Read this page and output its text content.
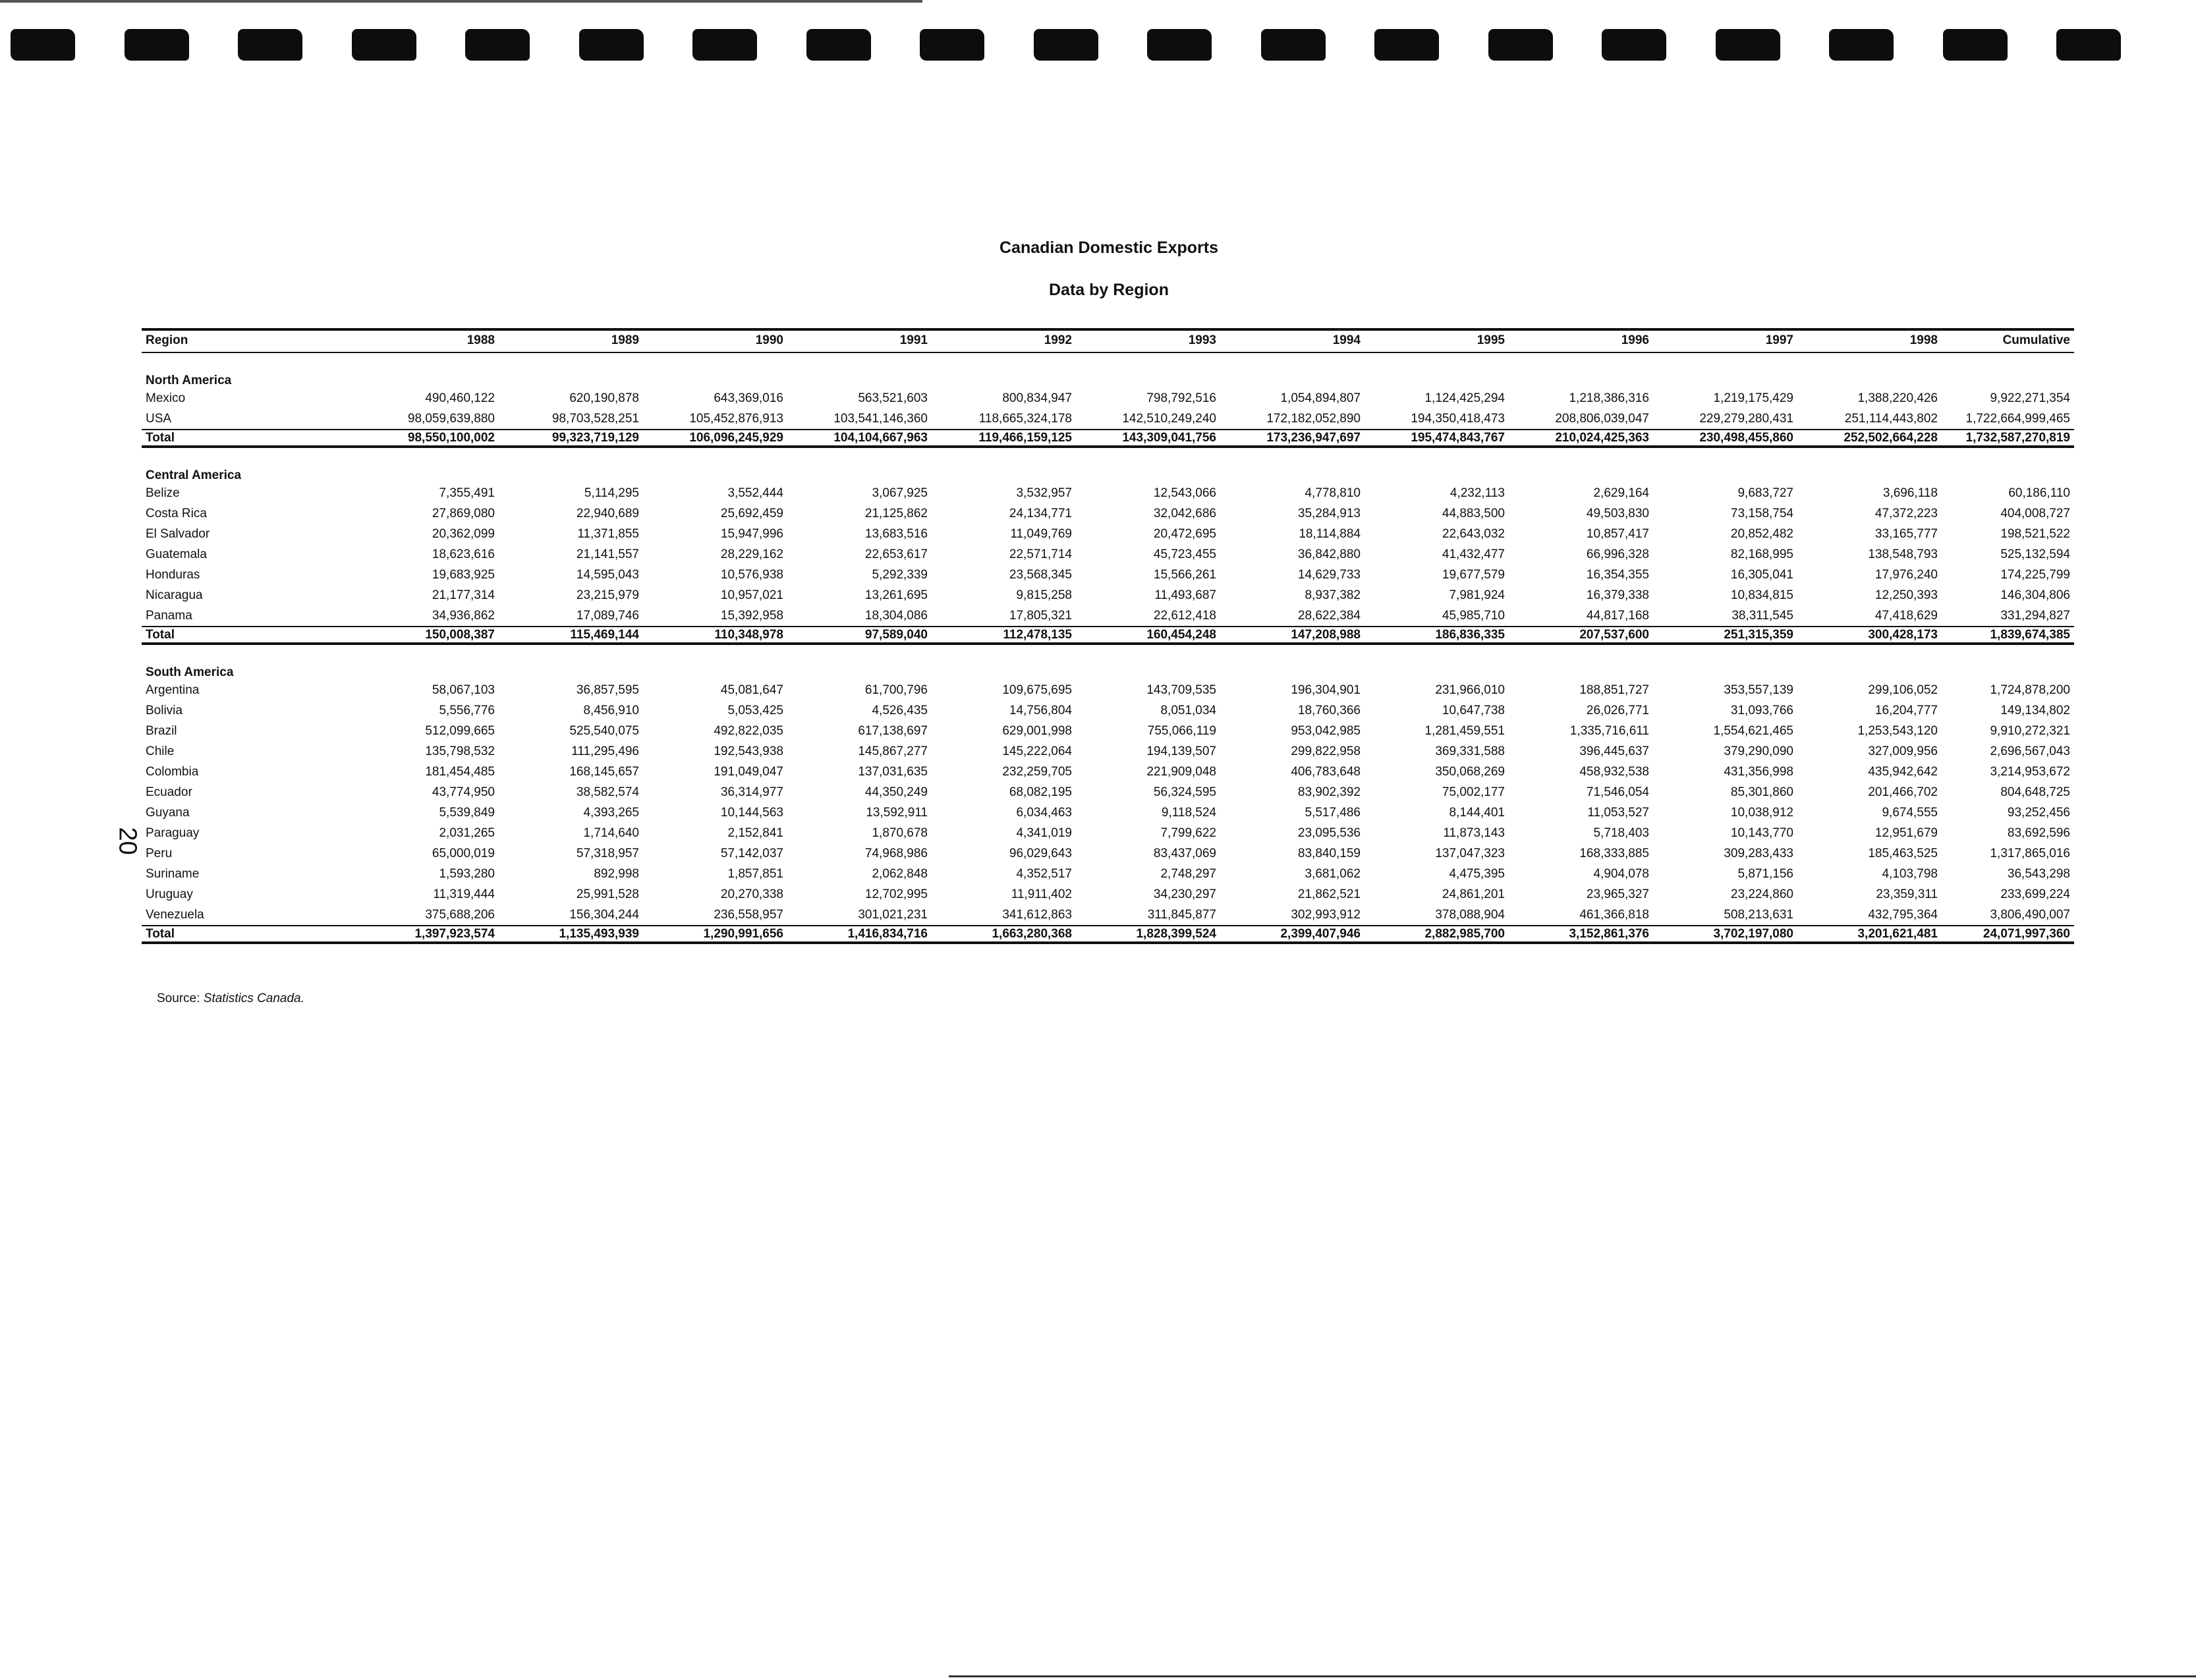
20
Canadian Domestic Exports
Data by Region
Region	1988	1989	1990	1991	1992	1993	1994	1995	1996	1997	1998	Cumulative

North America												
Mexico	490,460,122	620,190,878	643,369,016	563,521,603	800,834,947	798,792,516	1,054,894,807	1,124,425,294	1,218,386,316	1,219,175,429	1,388,220,426	9,922,271,354
USA	98,059,639,880	98,703,528,251	105,452,876,913	103,541,146,360	118,665,324,178	142,510,249,240	172,182,052,890	194,350,418,473	208,806,039,047	229,279,280,431	251,114,443,802	1,722,664,999,465
Total	98,550,100,002	99,323,719,129	106,096,245,929	104,104,667,963	119,466,159,125	143,309,041,756	173,236,947,697	195,474,843,767	210,024,425,363	230,498,455,860	252,502,664,228	1,732,587,270,819

Central America												
Belize	7,355,491	5,114,295	3,552,444	3,067,925	3,532,957	12,543,066	4,778,810	4,232,113	2,629,164	9,683,727	3,696,118	60,186,110
Costa Rica	27,869,080	22,940,689	25,692,459	21,125,862	24,134,771	32,042,686	35,284,913	44,883,500	49,503,830	73,158,754	47,372,223	404,008,727
El Salvador	20,362,099	11,371,855	15,947,996	13,683,516	11,049,769	20,472,695	18,114,884	22,643,032	10,857,417	20,852,482	33,165,777	198,521,522
Guatemala	18,623,616	21,141,557	28,229,162	22,653,617	22,571,714	45,723,455	36,842,880	41,432,477	66,996,328	82,168,995	138,548,793	525,132,594
Honduras	19,683,925	14,595,043	10,576,938	5,292,339	23,568,345	15,566,261	14,629,733	19,677,579	16,354,355	16,305,041	17,976,240	174,225,799
Nicaragua	21,177,314	23,215,979	10,957,021	13,261,695	9,815,258	11,493,687	8,937,382	7,981,924	16,379,338	10,834,815	12,250,393	146,304,806
Panama	34,936,862	17,089,746	15,392,958	18,304,086	17,805,321	22,612,418	28,622,384	45,985,710	44,817,168	38,311,545	47,418,629	331,294,827
Total	150,008,387	115,469,144	110,348,978	97,589,040	112,478,135	160,454,248	147,208,988	186,836,335	207,537,600	251,315,359	300,428,173	1,839,674,385

South America												
Argentina	58,067,103	36,857,595	45,081,647	61,700,796	109,675,695	143,709,535	196,304,901	231,966,010	188,851,727	353,557,139	299,106,052	1,724,878,200
Bolivia	5,556,776	8,456,910	5,053,425	4,526,435	14,756,804	8,051,034	18,760,366	10,647,738	26,026,771	31,093,766	16,204,777	149,134,802
Brazil	512,099,665	525,540,075	492,822,035	617,138,697	629,001,998	755,066,119	953,042,985	1,281,459,551	1,335,716,611	1,554,621,465	1,253,543,120	9,910,272,321
Chile	135,798,532	111,295,496	192,543,938	145,867,277	145,222,064	194,139,507	299,822,958	369,331,588	396,445,637	379,290,090	327,009,956	2,696,567,043
Colombia	181,454,485	168,145,657	191,049,047	137,031,635	232,259,705	221,909,048	406,783,648	350,068,269	458,932,538	431,356,998	435,942,642	3,214,953,672
Ecuador	43,774,950	38,582,574	36,314,977	44,350,249	68,082,195	56,324,595	83,902,392	75,002,177	71,546,054	85,301,860	201,466,702	804,648,725
Guyana	5,539,849	4,393,265	10,144,563	13,592,911	6,034,463	9,118,524	5,517,486	8,144,401	11,053,527	10,038,912	9,674,555	93,252,456
Paraguay	2,031,265	1,714,640	2,152,841	1,870,678	4,341,019	7,799,622	23,095,536	11,873,143	5,718,403	10,143,770	12,951,679	83,692,596
Peru	65,000,019	57,318,957	57,142,037	74,968,986	96,029,643	83,437,069	83,840,159	137,047,323	168,333,885	309,283,433	185,463,525	1,317,865,016
Suriname	1,593,280	892,998	1,857,851	2,062,848	4,352,517	2,748,297	3,681,062	4,475,395	4,904,078	5,871,156	4,103,798	36,543,298
Uruguay	11,319,444	25,991,528	20,270,338	12,702,995	11,911,402	34,230,297	21,862,521	24,861,201	23,965,327	23,224,860	23,359,311	233,699,224
Venezuela	375,688,206	156,304,244	236,558,957	301,021,231	341,612,863	311,845,877	302,993,912	378,088,904	461,366,818	508,213,631	432,795,364	3,806,490,007
Total	1,397,923,574	1,135,493,939	1,290,991,656	1,416,834,716	1,663,280,368	1,828,399,524	2,399,407,946	2,882,985,700	3,152,861,376	3,702,197,080	3,201,621,481	24,071,997,360
Source: Statistics Canada.
